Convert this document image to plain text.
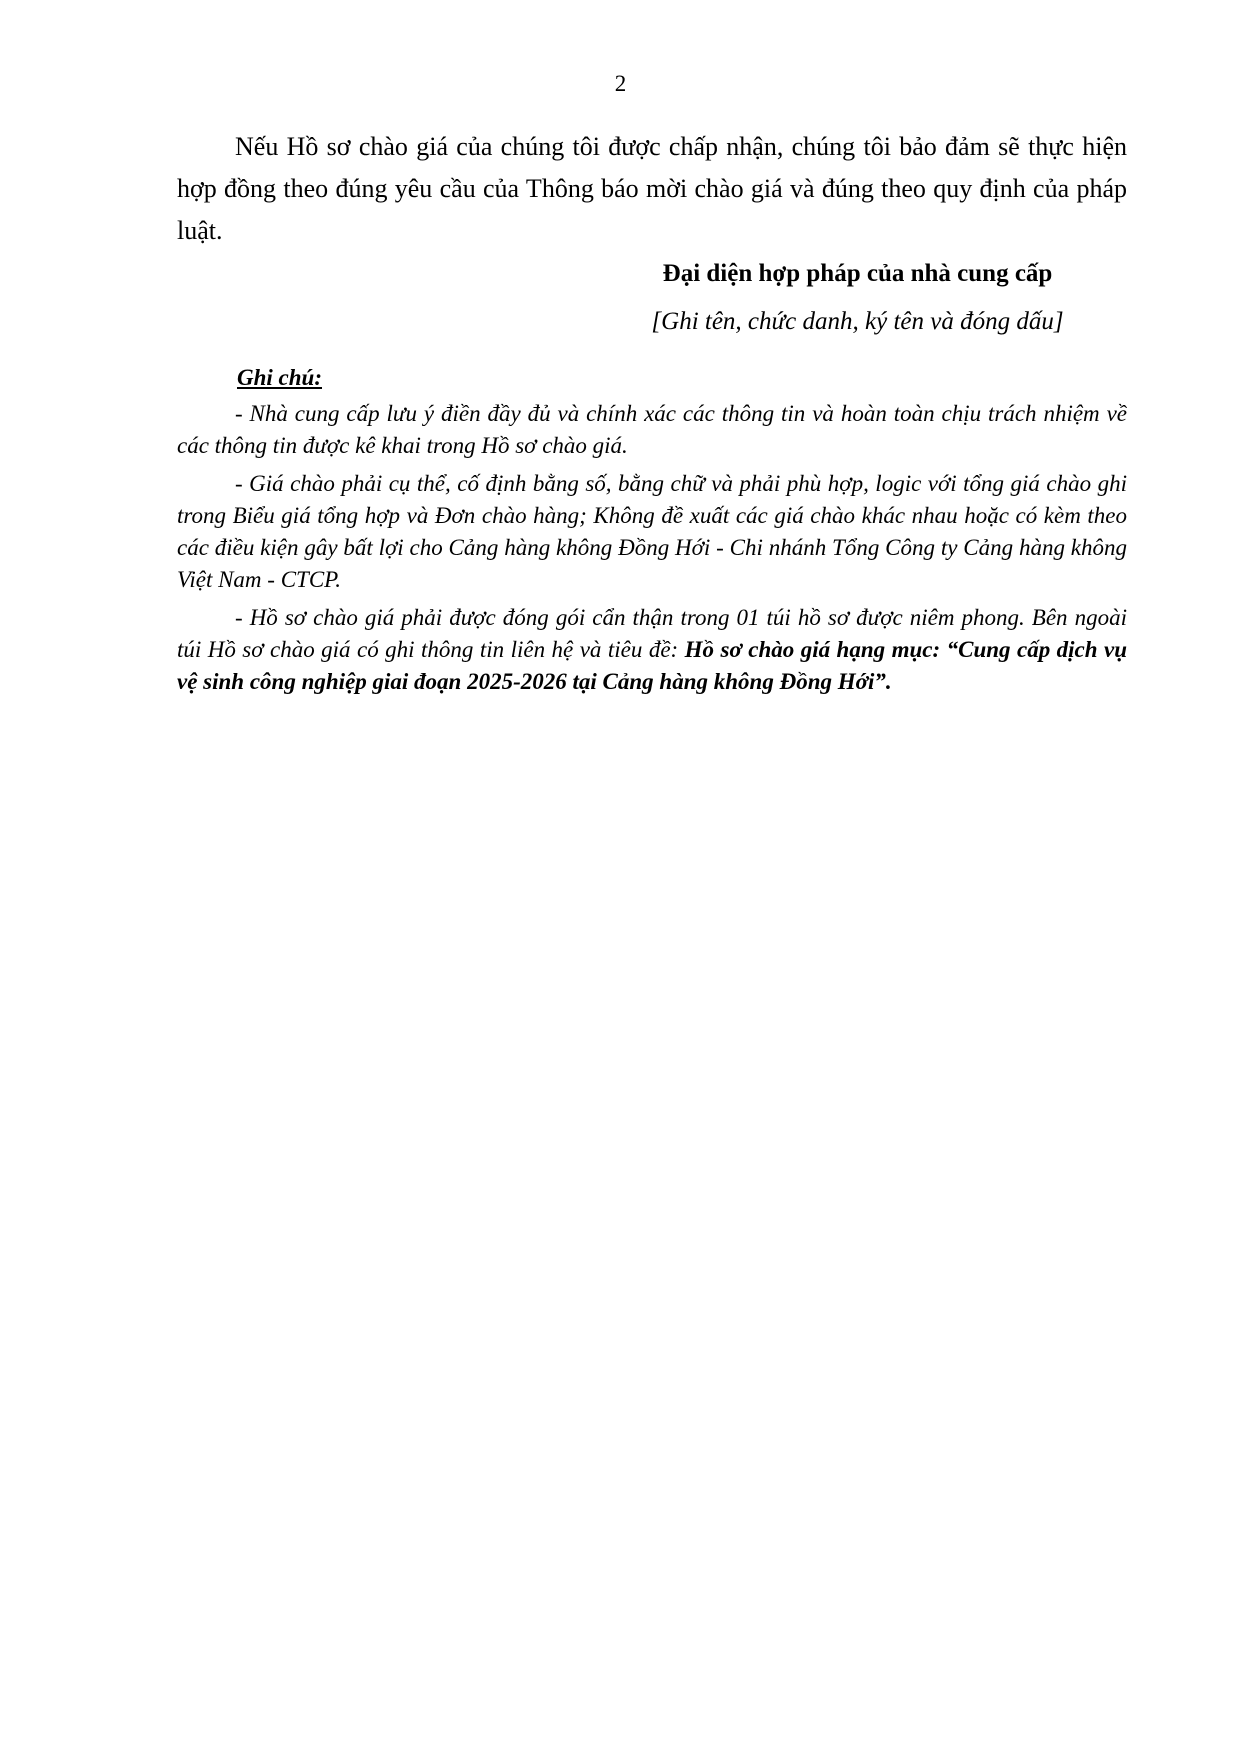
2

Nếu Hồ sơ chào giá của chúng tôi được chấp nhận, chúng tôi bảo đảm sẽ thực hiện hợp đồng theo đúng yêu cầu của Thông báo mời chào giá và đúng theo quy định của pháp luật.

Đại diện hợp pháp của nhà cung cấp

[Ghi tên, chức danh, ký tên và đóng dấu]

Ghi chú:

- Nhà cung cấp lưu ý điền đầy đủ và chính xác các thông tin và hoàn toàn chịu trách nhiệm về các thông tin được kê khai trong Hồ sơ chào giá.

- Giá chào phải cụ thể, cố định bằng số, bằng chữ và phải phù hợp, logic với tổng giá chào ghi trong Biểu giá tổng hợp và Đơn chào hàng; Không đề xuất các giá chào khác nhau hoặc có kèm theo các điều kiện gây bất lợi cho Cảng hàng không Đồng Hới - Chi nhánh Tổng Công ty Cảng hàng không Việt Nam - CTCP.

- Hồ sơ chào giá phải được đóng gói cẩn thận trong 01 túi hồ sơ được niêm phong. Bên ngoài túi Hồ sơ chào giá có ghi thông tin liên hệ và tiêu đề: Hồ sơ chào giá hạng mục: “Cung cấp dịch vụ vệ sinh công nghiệp giai đoạn 2025-2026 tại Cảng hàng không Đồng Hới”.
